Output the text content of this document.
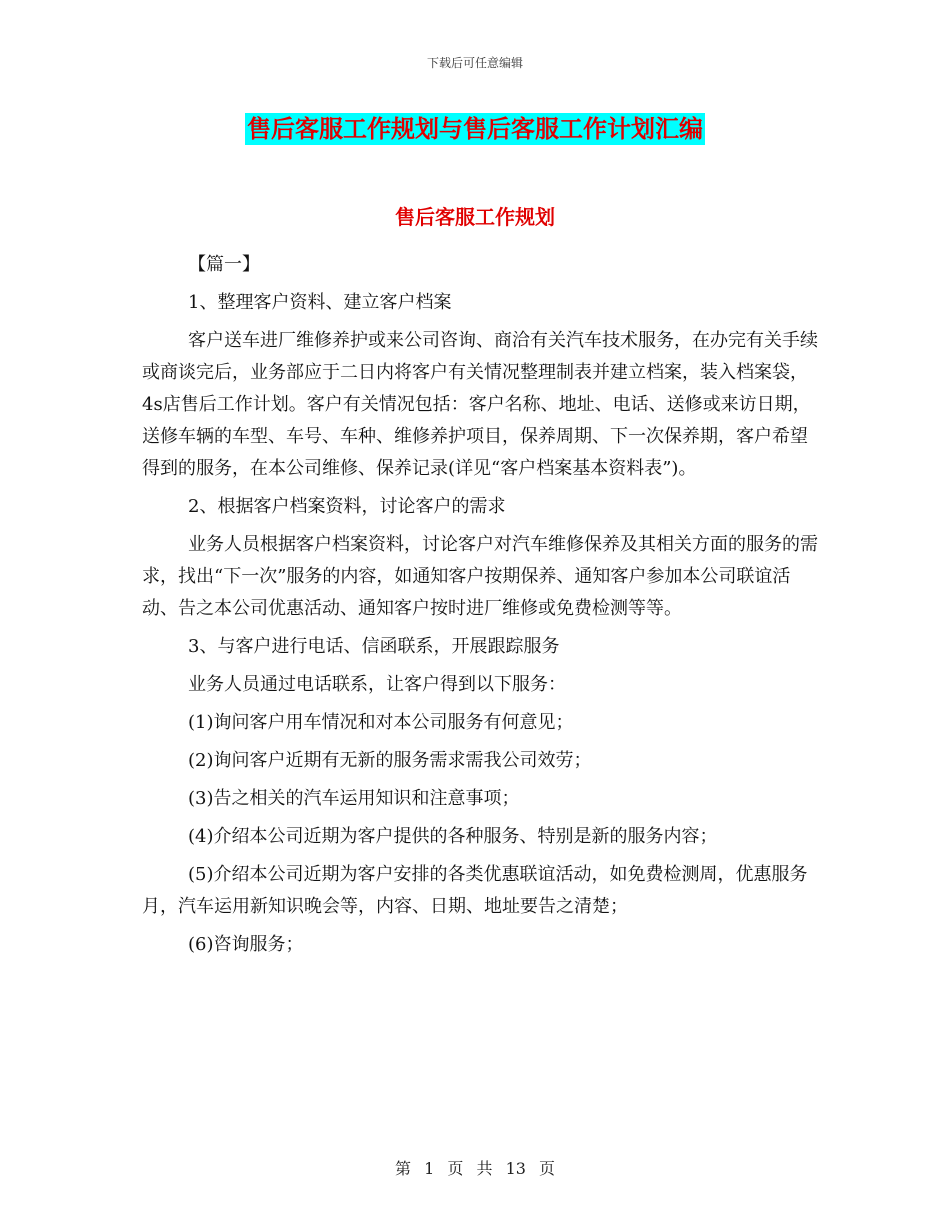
下载后可任意编辑
售后客服工作规划与售后客服工作计划汇编
售后客服工作规划

【篇一】

1、整理客户资料、建立客户档案

客户送车进厂维修养护或来公司咨询、商洽有关汽车技术服务，在办完有关手续或商谈完后，业务部应于二日内将客户有关情况整理制表并建立档案，装入档案袋，4s店售后工作计划。客户有关情况包括：客户名称、地址、电话、送修或来访日期，送修车辆的车型、车号、车种、维修养护项目，保养周期、下一次保养期，客户希望得到的服务，在本公司维修、保养记录(详见“客户档案基本资料表”)。

2、根据客户档案资料，讨论客户的需求

业务人员根据客户档案资料，讨论客户对汽车维修保养及其相关方面的服务的需求，找出“下一次”服务的内容，如通知客户按期保养、通知客户参加本公司联谊活动、告之本公司优惠活动、通知客户按时进厂维修或免费检测等等。

3、与客户进行电话、信函联系，开展跟踪服务

业务人员通过电话联系，让客户得到以下服务：

(1)询问客户用车情况和对本公司服务有何意见；

(2)询问客户近期有无新的服务需求需我公司效劳；

(3)告之相关的汽车运用知识和注意事项；

(4)介绍本公司近期为客户提供的各种服务、特别是新的服务内容；

(5)介绍本公司近期为客户安排的各类优惠联谊活动，如免费检测周，优惠服务月，汽车运用新知识晚会等，内容、日期、地址要告之清楚；

(6)咨询服务；

第 1 页 共 13 页
